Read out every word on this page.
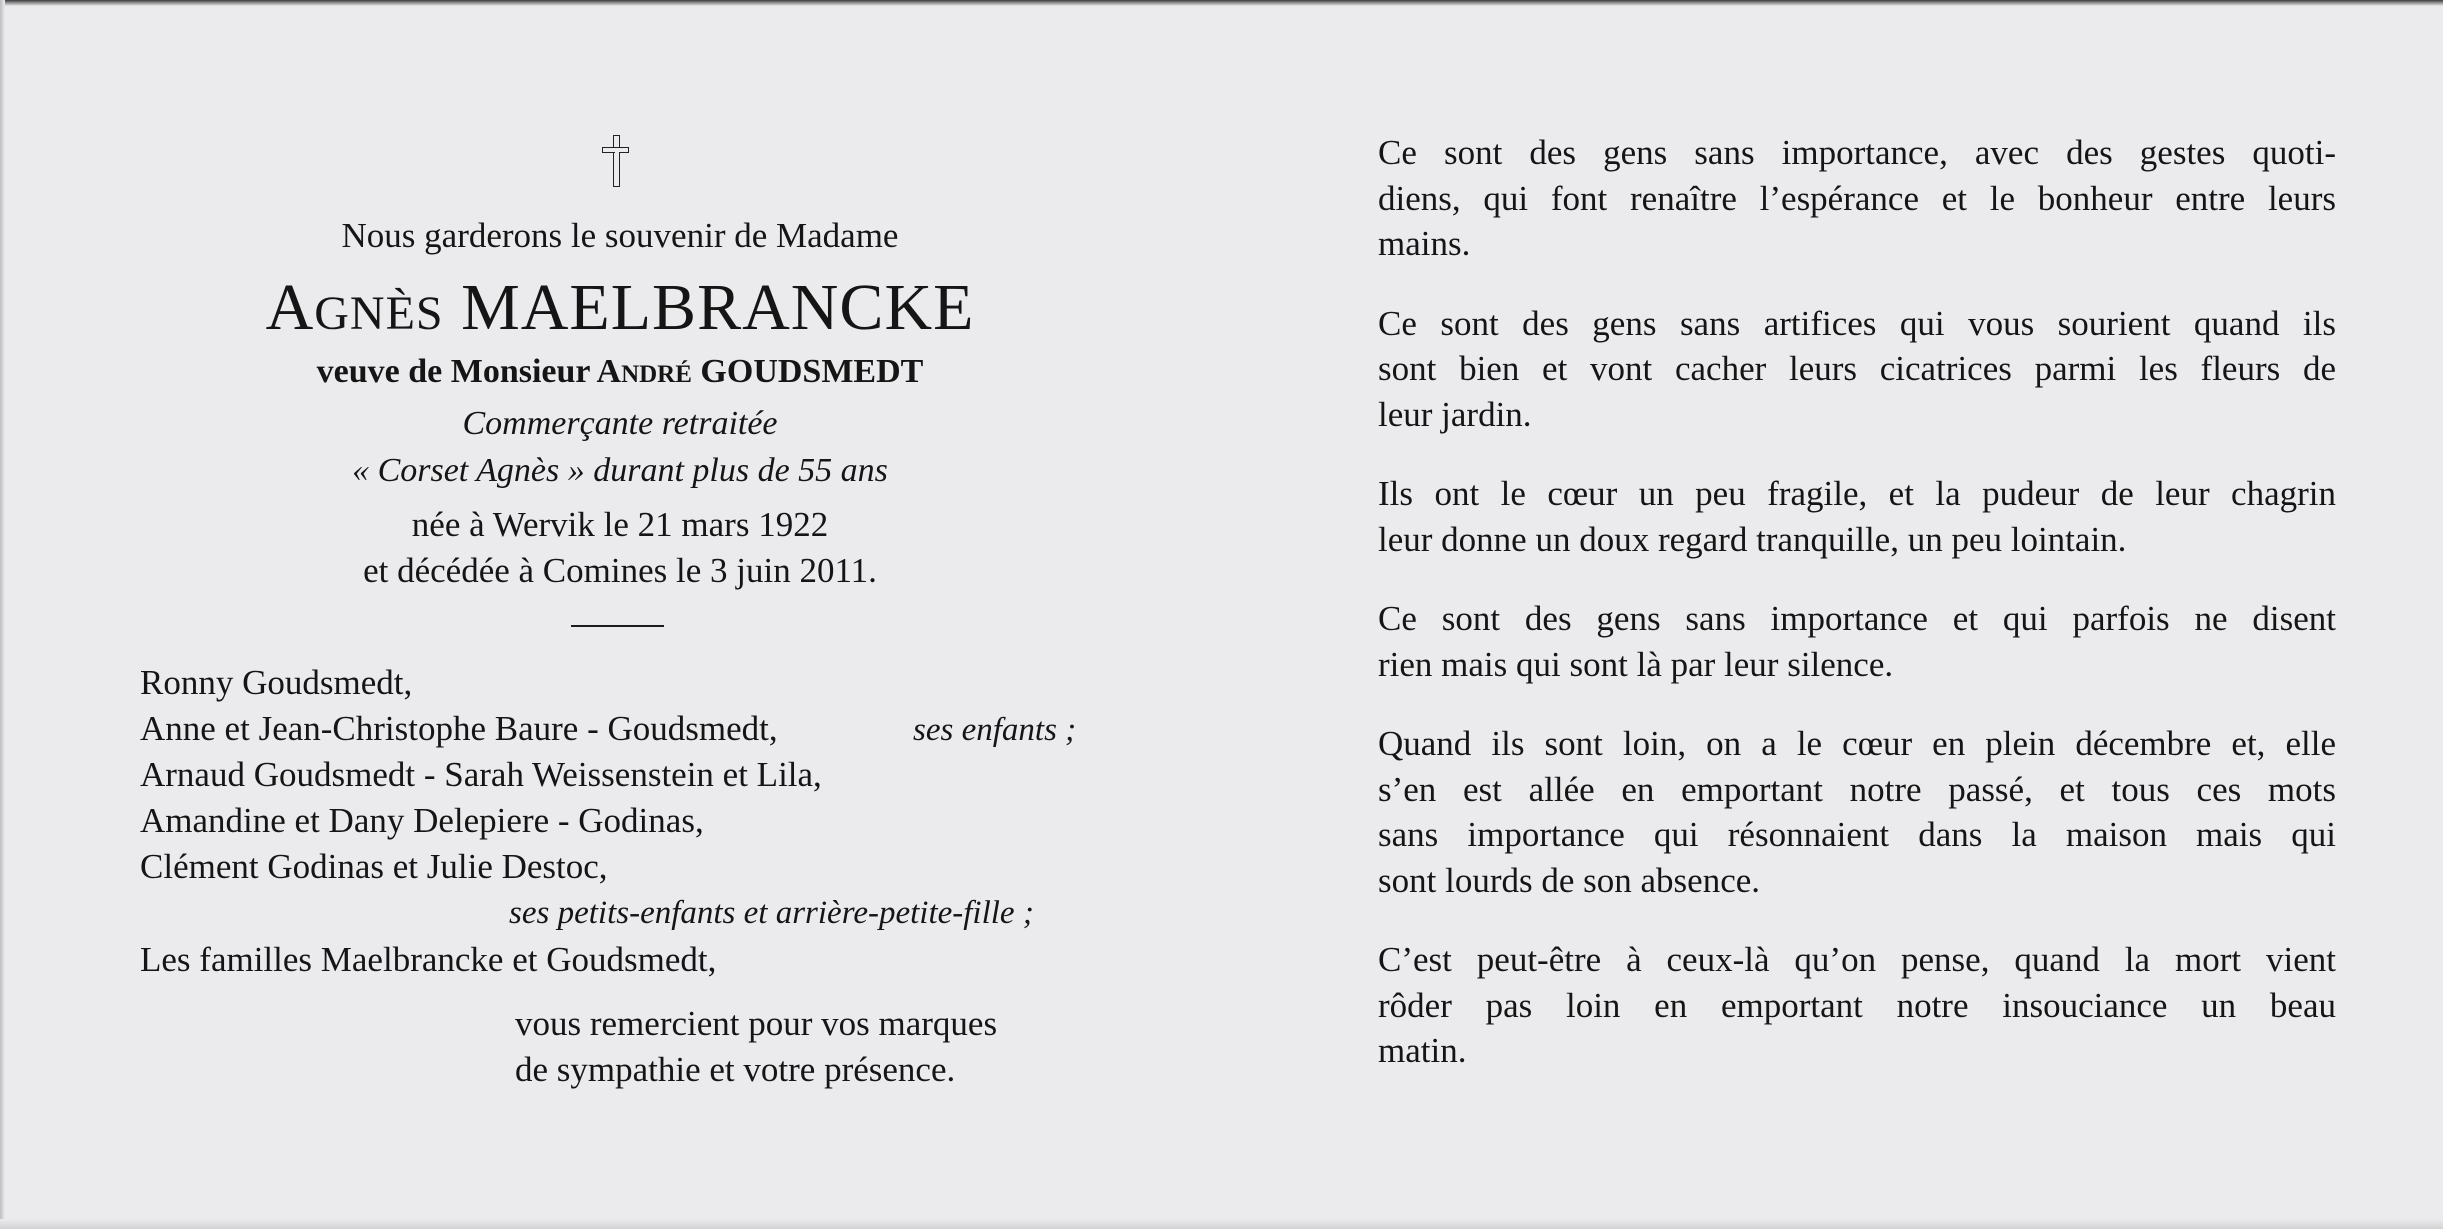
Nous garderons le souvenir de Madame
AGNÈS MAELBRANCKE
veuve de Monsieur ANDRÉ GOUDSMEDT
Commerçante retraitée
« Corset Agnès » durant plus de 55 ans
née à Wervik le 21 mars 1922
et décédée à Comines le 3 juin 2011.
Ronny Goudsmedt,
Anne et Jean-Christophe Baure - Goudsmedt,	ses enfants ;
Arnaud Goudsmedt - Sarah Weissenstein et Lila,
Amandine et Dany Delepiere - Godinas,
Clément Godinas et Julie Destoc,
ses petits-enfants et arrière-petite-fille ;
Les familles Maelbrancke et Goudsmedt,
vous remercient pour vos marques
de sympathie et votre présence.
Ce sont des gens sans importance, avec des gestes quoti-
diens, qui font renaître l’espérance et le bonheur entre leurs
mains.
Ce sont des gens sans artifices qui vous sourient quand ils
sont bien et vont cacher leurs cicatrices parmi les fleurs de
leur jardin.
Ils ont le cœur un peu fragile, et la pudeur de leur chagrin
leur donne un doux regard tranquille, un peu lointain.
Ce sont des gens sans importance et qui parfois ne disent
rien mais qui sont là par leur silence.
Quand ils sont loin, on a le cœur en plein décembre et, elle
s’en est allée en emportant notre passé, et tous ces mots
sans importance qui résonnaient dans la maison mais qui
sont lourds de son absence.
C’est peut-être à ceux-là qu’on pense, quand la mort vient
rôder pas loin en emportant notre insouciance un beau
matin.
